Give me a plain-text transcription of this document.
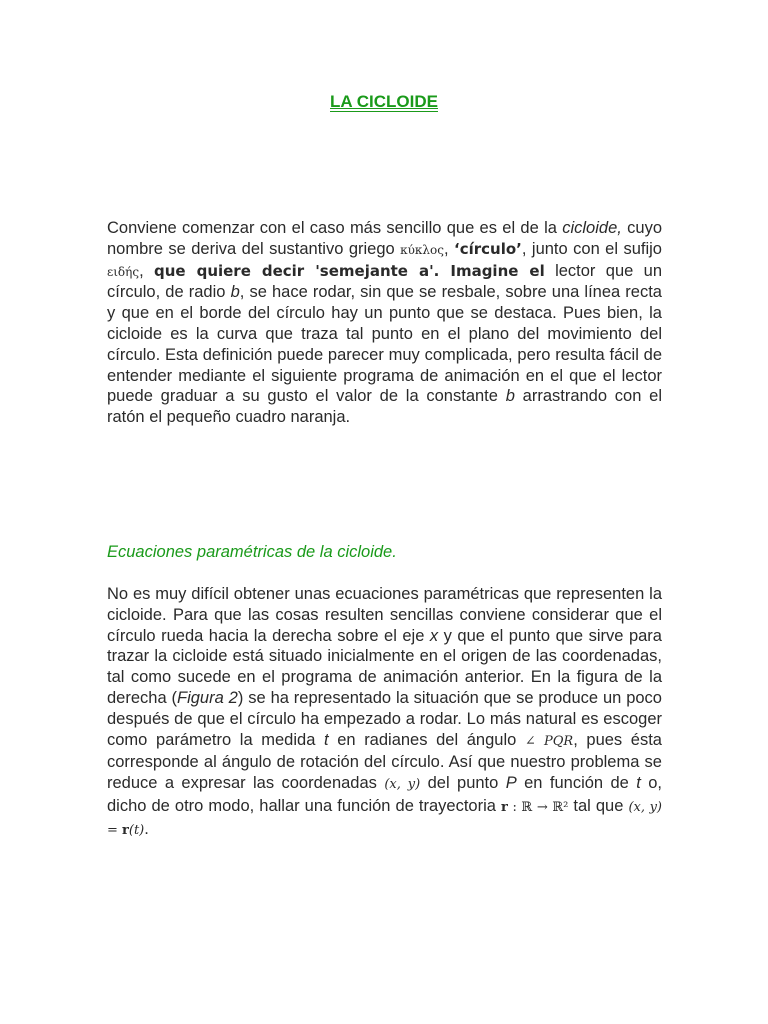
LA CICLOIDE
Conviene comenzar con el caso más sencillo que es el de la cicloide, cuyo nombre se deriva del sustantivo griego κύκλος, ‘círculo’, junto con el sufijo ειδής, que quiere decir 'semejante a'. Imagine el lector que un círculo, de radio b, se hace rodar, sin que se resbale, sobre una línea recta y que en el borde del círculo hay un punto que se destaca. Pues bien, la cicloide es la curva que traza tal punto en el plano del movimiento del círculo. Esta definición puede parecer muy complicada, pero resulta fácil de entender mediante el siguiente programa de animación en el que el lector puede graduar a su gusto el valor de la constante b arrastrando con el ratón el pequeño cuadro naranja.
Ecuaciones paramétricas de la cicloide.
No es muy difícil obtener unas ecuaciones paramétricas que representen la cicloide. Para que las cosas resulten sencillas conviene considerar que el círculo rueda hacia la derecha sobre el eje x y que el punto que sirve para trazar la cicloide está situado inicialmente en el origen de las coordenadas, tal como sucede en el programa de animación anterior. En la figura de la derecha (Figura 2) se ha representado la situación que se produce un poco después de que el círculo ha empezado a rodar. Lo más natural es escoger como parámetro la medida t en radianes del ángulo ∠ PQR, pues ésta corresponde al ángulo de rotación del círculo. Así que nuestro problema se reduce a expresar las coordenadas (x, y) del punto P en función de t o, dicho de otro modo, hallar una función de trayectoria r : ℝ → ℝ² tal que (x, y) = r(t).
